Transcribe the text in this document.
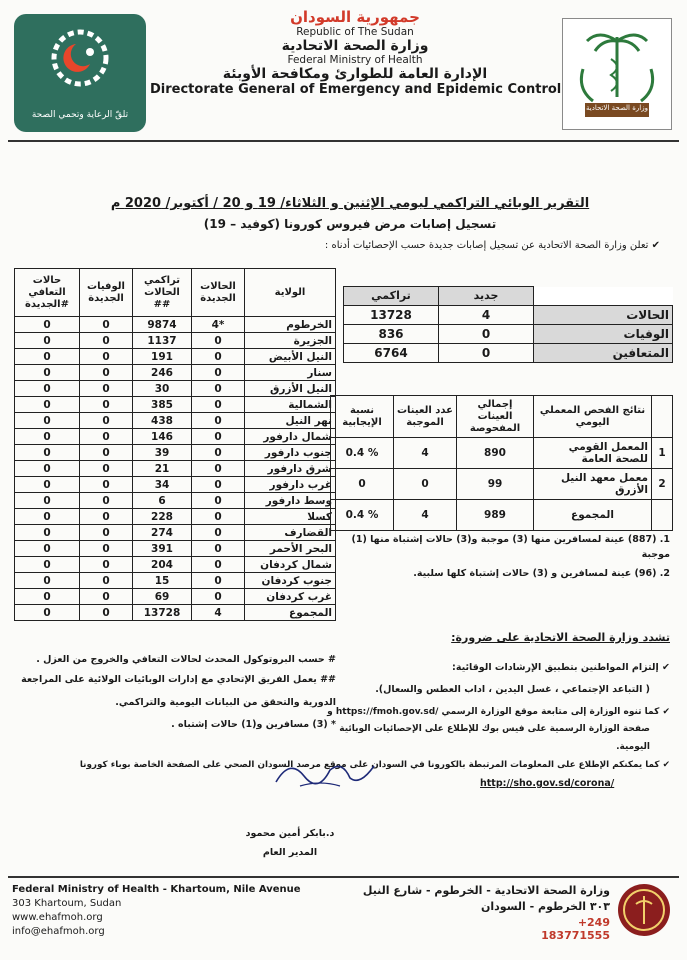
تلقّ الرعاية وتحمي الصحة
وزارة الصحة الاتحادية
جمهورية السودان
Republic of The Sudan
وزارة الصحة الاتحادية
Federal Ministry of Health
الإدارة العامة للطوارئ ومكافحة الأوبئة
Directorate General of Emergency and Epidemic Control
التقرير الوبائي التراكمي ليومي الإثنين و الثلاثاء/ 19 و 20 / أكتوبر/ 2020 م
تسجيل إصابات مرض فيروس كورونا (كوفيد – 19)
✔ تعلن وزارة الصحة الاتحادية عن تسجيل إصابات جديدة حسب الإحصائيات أدناه :
حالات التعافي الجديدة#	الوفيات الجديدة	تراكمي الحالات ##	الحالات الجديدة	الولاية
0	0	9874	4*	الخرطوم
0	0	1137	0	الجزيرة
0	0	191	0	النيل الأبيض
0	0	246	0	سنار
0	0	30	0	النيل الأزرق
0	0	385	0	الشمالية
0	0	438	0	نهر النيل
0	0	146	0	شمال دارفور
0	0	39	0	جنوب دارفور
0	0	21	0	شرق دارفور
0	0	34	0	غرب دارفور
0	0	6	0	وسط دارفور
0	0	228	0	كسلا
0	0	274	0	القضارف
0	0	391	0	البحر الأحمر
0	0	204	0	شمال كردفان
0	0	15	0	جنوب كردفان
0	0	69	0	غرب كردفان
0	0	13728	4	المجموع
تراكمي	جديد	
13728	4	الحالات
836	0	الوفيات
6764	0	المتعافين
نسبة الإيجابية	عدد العينات الموجبة	إجمالي العينات المفحوصة	نتائج الفحص المعملي اليومي	
0.4 %	4	890	المعمل القومي للصحة العامة	1
0	0	99	معمل معهد النيل الأزرق	2
0.4 %	4	989	المجموع	
1. (887) عينة لمسافرين منها (3) موجبة و(3) حالات إشتباة منها (1) موجبة
2. (96) عينة لمسافرين و (3) حالات إشتباة كلها سلبية.
# حسب البروتوكول المحدث لحالات التعافي والخروج من العزل .
## يعمل الفريق الإتحادي مع إدارات الوبائيات الولائية على المراجعة
الدورية والتحقق من البيانات اليومية والتراكمي.
* (3) مسافرين و(1) حالات إشتباه .
تشدد وزارة الصحة الاتحادية على ضرورة:
✔ إلتزام المواطنين بتطبيق الإرشادات الوقائية:
( التباعد الإجتماعي ، غسل اليدين ، اداب العطس والسعال).
✔ كما تنوه الوزارة إلى متابعة موقع الوزارة الرسمي /https://fmoh.gov.sd و
صفحة الوزارة الرسمية على فيس بوك للإطلاع على الإحصائيات الوبائية
اليومية.
✔ كما يمكنكم الإطلاع على المعلومات المرتبطة بالكورونا في السودان على موقع مرصد السودان الصحي على الصفحة الخاصة بوباء كورونا
http://sho.gov.sd/corona/
د.بابكر أمين محمود
المدير العام
Federal Ministry of Health - Khartoum, Nile Avenue
303 Khartoum, Sudan
www.ehafmoh.org
info@ehafmoh.org
وزارة الصحة الاتحادية - الخرطوم - شارع النيل
٣٠٣ الخرطوم - السودان
+249 183771555
